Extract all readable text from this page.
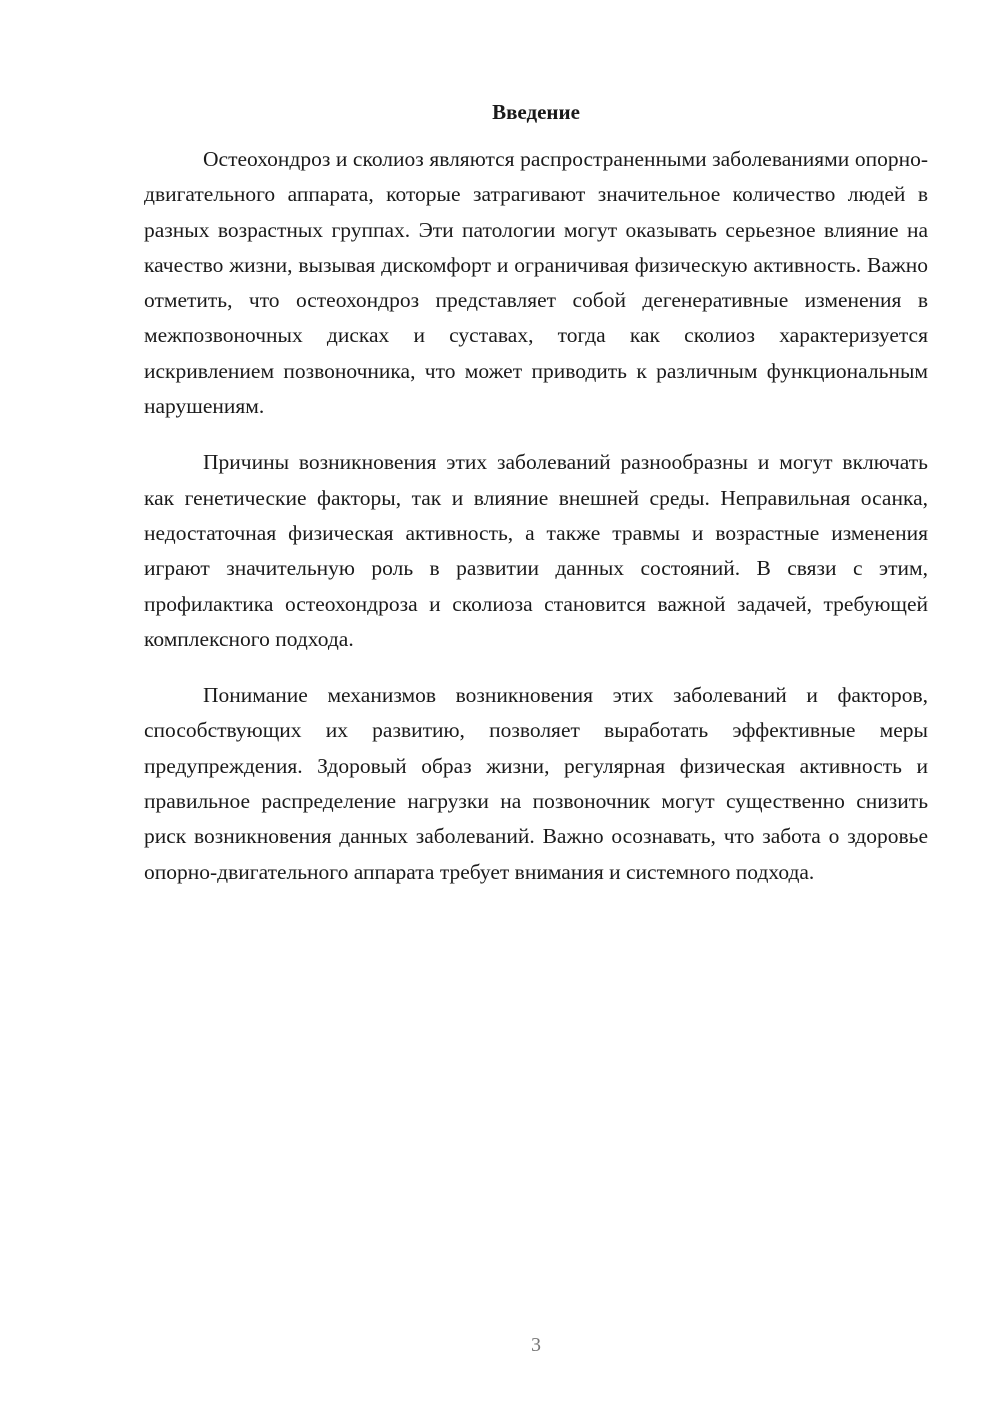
Введение

Остеохондроз и сколиоз являются распространенными заболеваниями опорно-двигательного аппарата, которые затрагивают значительное количество людей в разных возрастных группах. Эти патологии могут оказывать серьезное влияние на качество жизни, вызывая дискомфорт и ограничивая физическую активность. Важно отметить, что остеохондроз представляет собой дегенеративные изменения в межпозвоночных дисках и суставах, тогда как сколиоз характеризуется искривлением позвоночника, что может приводить к различным функциональным нарушениям.

Причины возникновения этих заболеваний разнообразны и могут включать как генетические факторы, так и влияние внешней среды. Неправильная осанка, недостаточная физическая активность, а также травмы и возрастные изменения играют значительную роль в развитии данных состояний. В связи с этим, профилактика остеохондроза и сколиоза становится важной задачей, требующей комплексного подхода.

Понимание механизмов возникновения этих заболеваний и факторов, способствующих их развитию, позволяет выработать эффективные меры предупреждения. Здоровый образ жизни, регулярная физическая активность и правильное распределение нагрузки на позвоночник могут существенно снизить риск возникновения данных заболеваний. Важно осознавать, что забота о здоровье опорно-двигательного аппарата требует внимания и системного подхода.

3
